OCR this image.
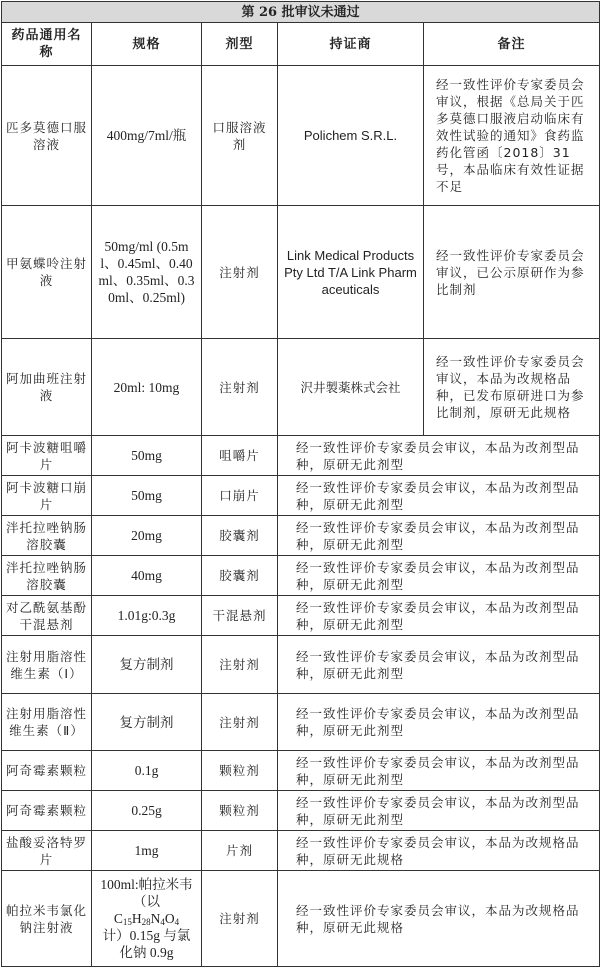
第 26 批审议未通过				
药品通用名称	规格	剂型	持证商	备注
匹多莫德口服溶液	400mg/7ml/瓶	口服溶液剂	Polichem S.R.L.	经一致性评价专家委员会审议，根据《总局关于匹多莫德口服液启动临床有效性试验的通知》食药监药化管函〔2018〕31 号，本品临床有效性证据不足
甲氨蝶呤注射液	50mg/ml (0.5ml、0.45ml、0.40ml、0.35ml、0.30ml、0.25ml)	注射剂	Link Medical Products Pty Ltd T/A Link Pharmaceuticals	经一致性评价专家委员会审议，已公示原研作为参比制剂
阿加曲班注射液	20ml: 10mg	注射剂	沢井製薬株式会社	经一致性评价专家委员会审议，本品为改规格品种，已发布原研进口为参比制剂，原研无此规格
阿卡波糖咀嚼片	50mg	咀嚼片	经一致性评价专家委员会审议，本品为改剂型品种，原研无此剂型	
阿卡波糖口崩片	50mg	口崩片	经一致性评价专家委员会审议，本品为改剂型品种，原研无此剂型	
泮托拉唑钠肠溶胶囊	20mg	胶囊剂	经一致性评价专家委员会审议，本品为改剂型品种，原研无此剂型	
泮托拉唑钠肠溶胶囊	40mg	胶囊剂	经一致性评价专家委员会审议，本品为改剂型品种，原研无此剂型	
对乙酰氨基酚干混悬剂	1.01g:0.3g	干混悬剂	经一致性评价专家委员会审议，本品为改剂型品种，原研无此剂型	
注射用脂溶性维生素（Ⅰ）	复方制剂	注射剂	经一致性评价专家委员会审议，本品为改剂型品种，原研无此剂型	
注射用脂溶性维生素（Ⅱ）	复方制剂	注射剂	经一致性评价专家委员会审议，本品为改剂型品种，原研无此剂型	
阿奇霉素颗粒	0.1g	颗粒剂	经一致性评价专家委员会审议，本品为改剂型品种，原研无此剂型	
阿奇霉素颗粒	0.25g	颗粒剂	经一致性评价专家委员会审议，本品为改剂型品种，原研无此剂型	
盐酸妥洛特罗片	1mg	片剂	经一致性评价专家委员会审议，本品为改规格品种，原研无此规格	
帕拉米韦氯化钠注射液	100ml:帕拉米韦（以
$C_{15}H_{28}N_4O_4$
计）0.15g 与氯化钠 0.9g	注射剂	经一致性评价专家委员会审议，本品为改规格品种，原研无此规格	
